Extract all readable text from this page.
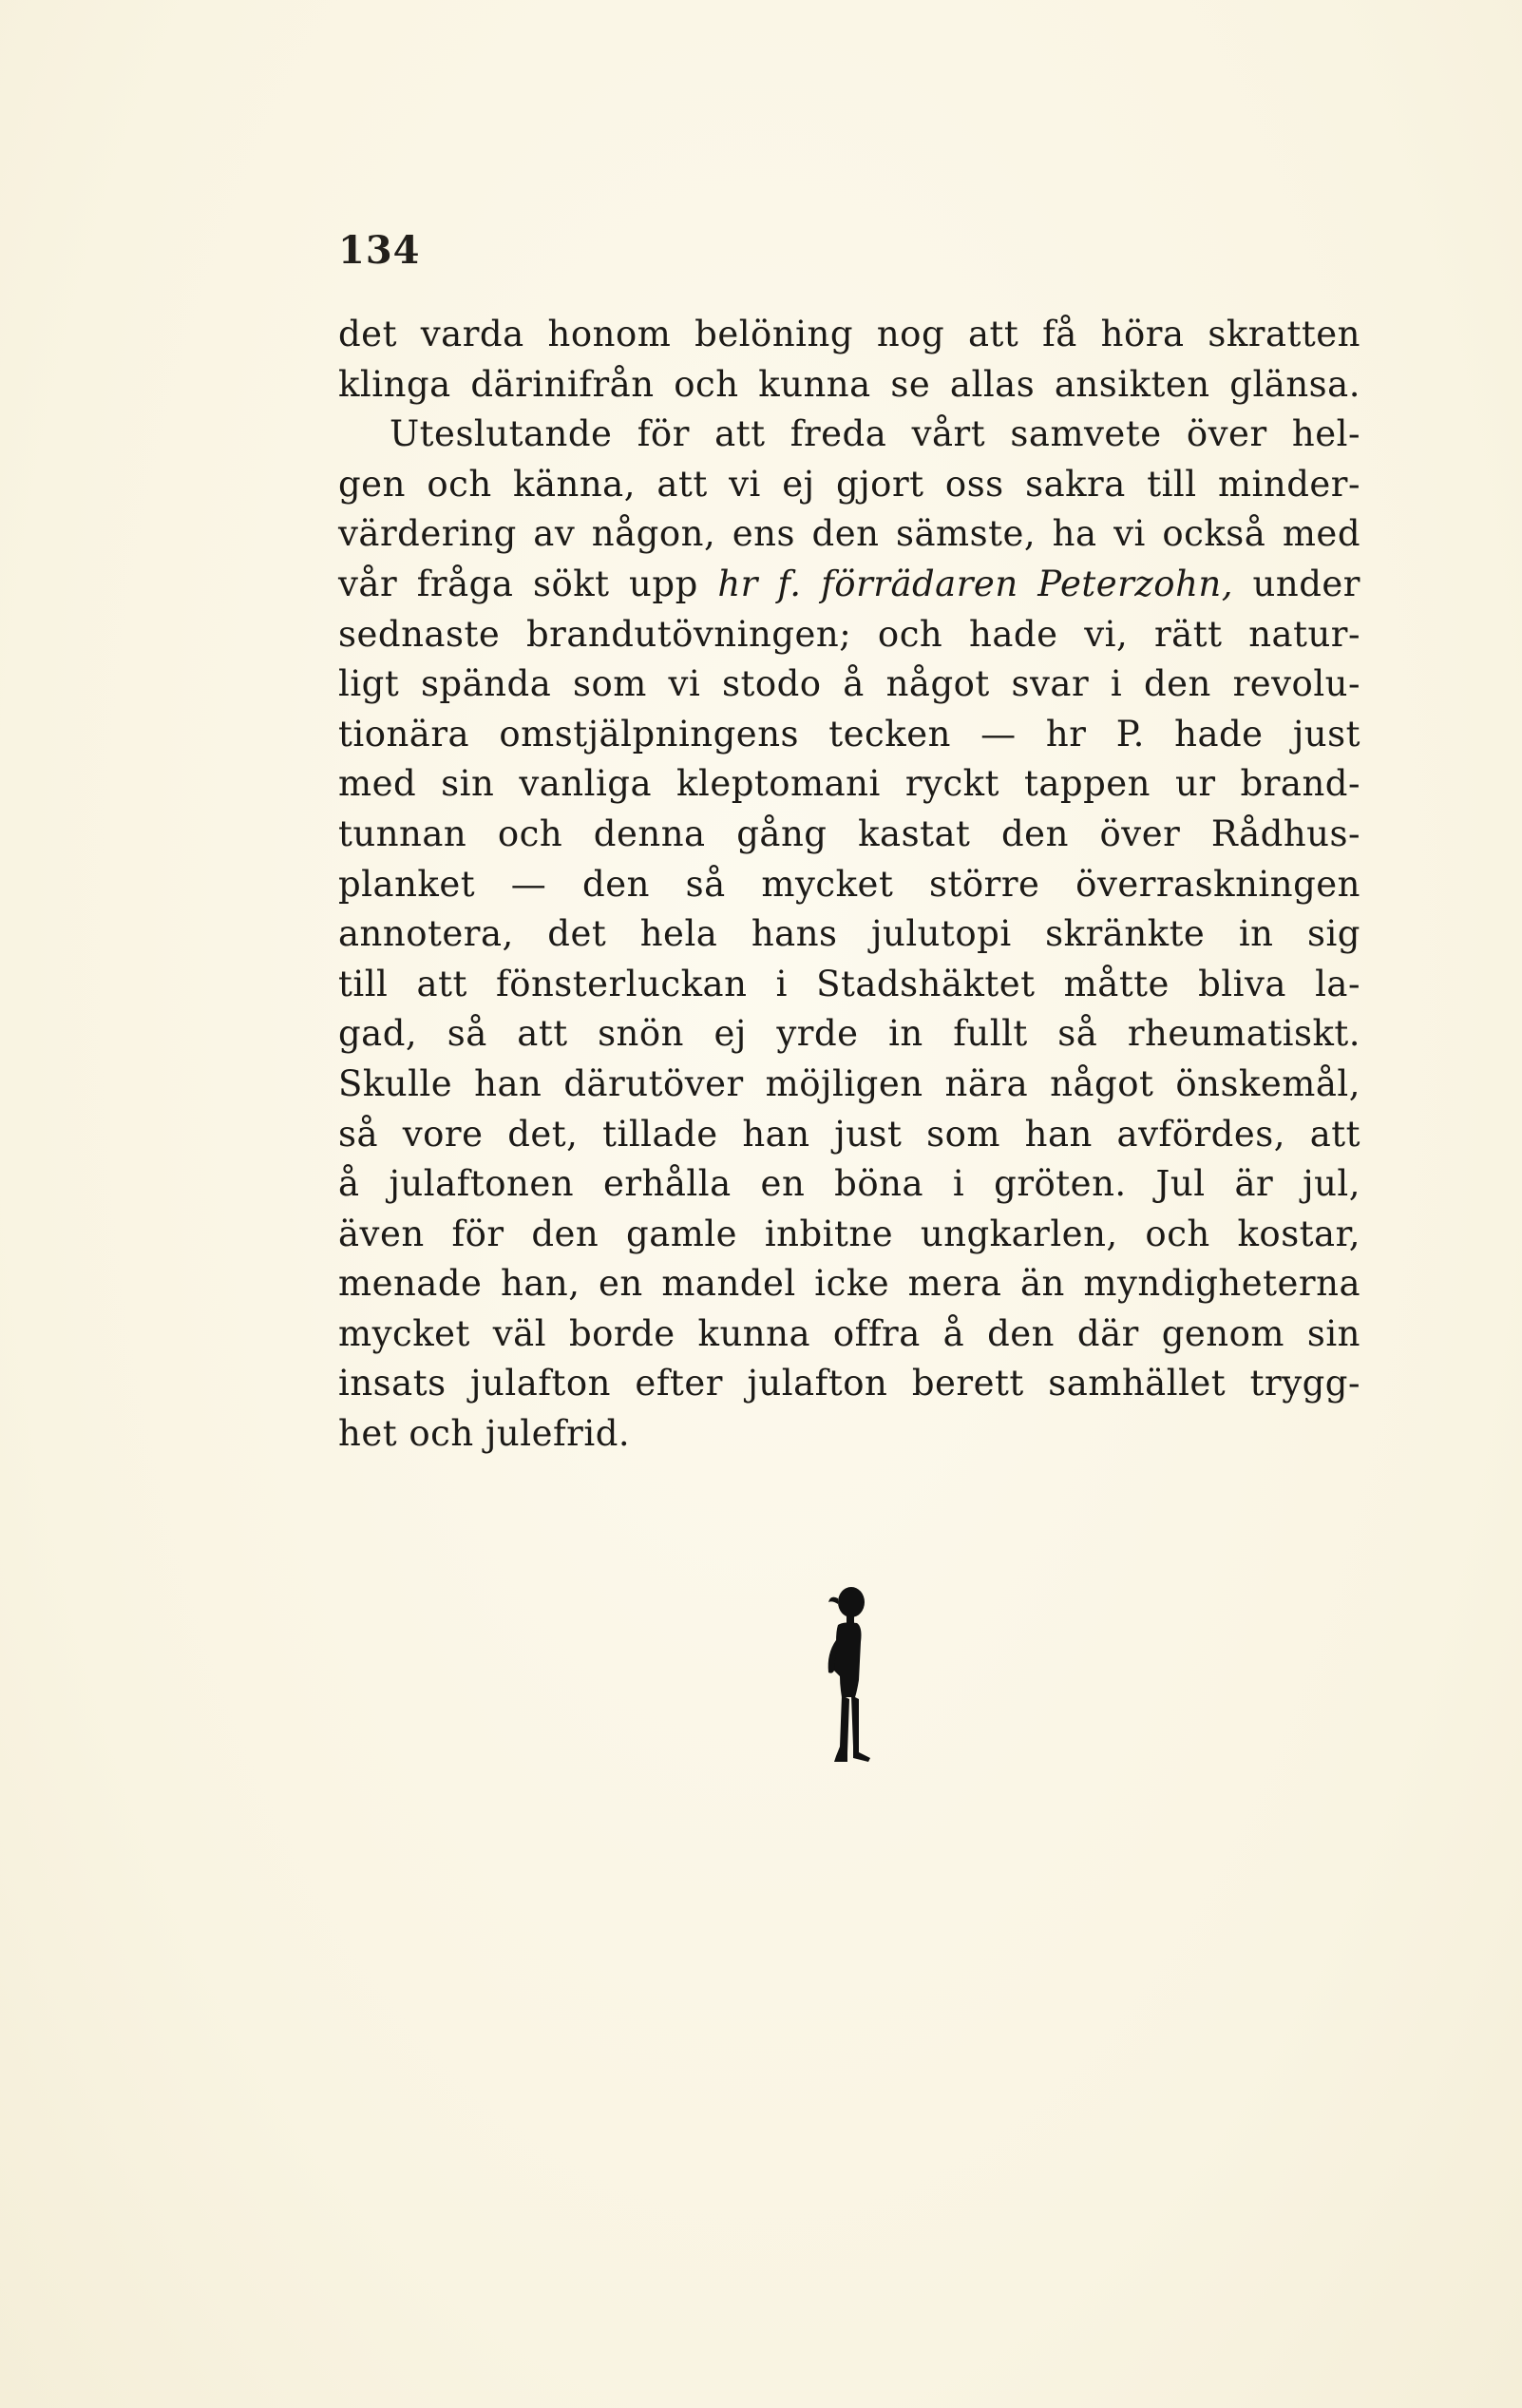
134
det varda honom belöning nog att få höra skratten
klinga därinifrån och kunna se allas ansikten glänsa.
Uteslutande för att freda vårt samvete över hel-
gen och känna, att vi ej gjort oss sakra till minder-
värdering av någon, ens den sämste, ha vi också med
vår fråga sökt upp hr f. förrädaren Peterzohn, under
sednaste brandutövningen; och hade vi, rätt natur-
ligt spända som vi stodo å något svar i den revolu-
tionära omstjälpningens tecken — hr P. hade just
med sin vanliga kleptomani ryckt tappen ur brand-
tunnan och denna gång kastat den över Rådhus-
planket — den så mycket större överraskningen
annotera, det hela hans julutopi skränkte in sig
till att fönsterluckan i Stadshäktet måtte bliva la-
gad, så att snön ej yrde in fullt så rheumatiskt.
Skulle han därutöver möjligen nära något önskemål,
så vore det, tillade han just som han avfördes, att
å julaftonen erhålla en böna i gröten. Jul är jul,
även för den gamle inbitne ungkarlen, och kostar,
menade han, en mandel icke mera än myndigheterna
mycket väl borde kunna offra å den där genom sin
insats julafton efter julafton berett samhället trygg-
het och julefrid.
